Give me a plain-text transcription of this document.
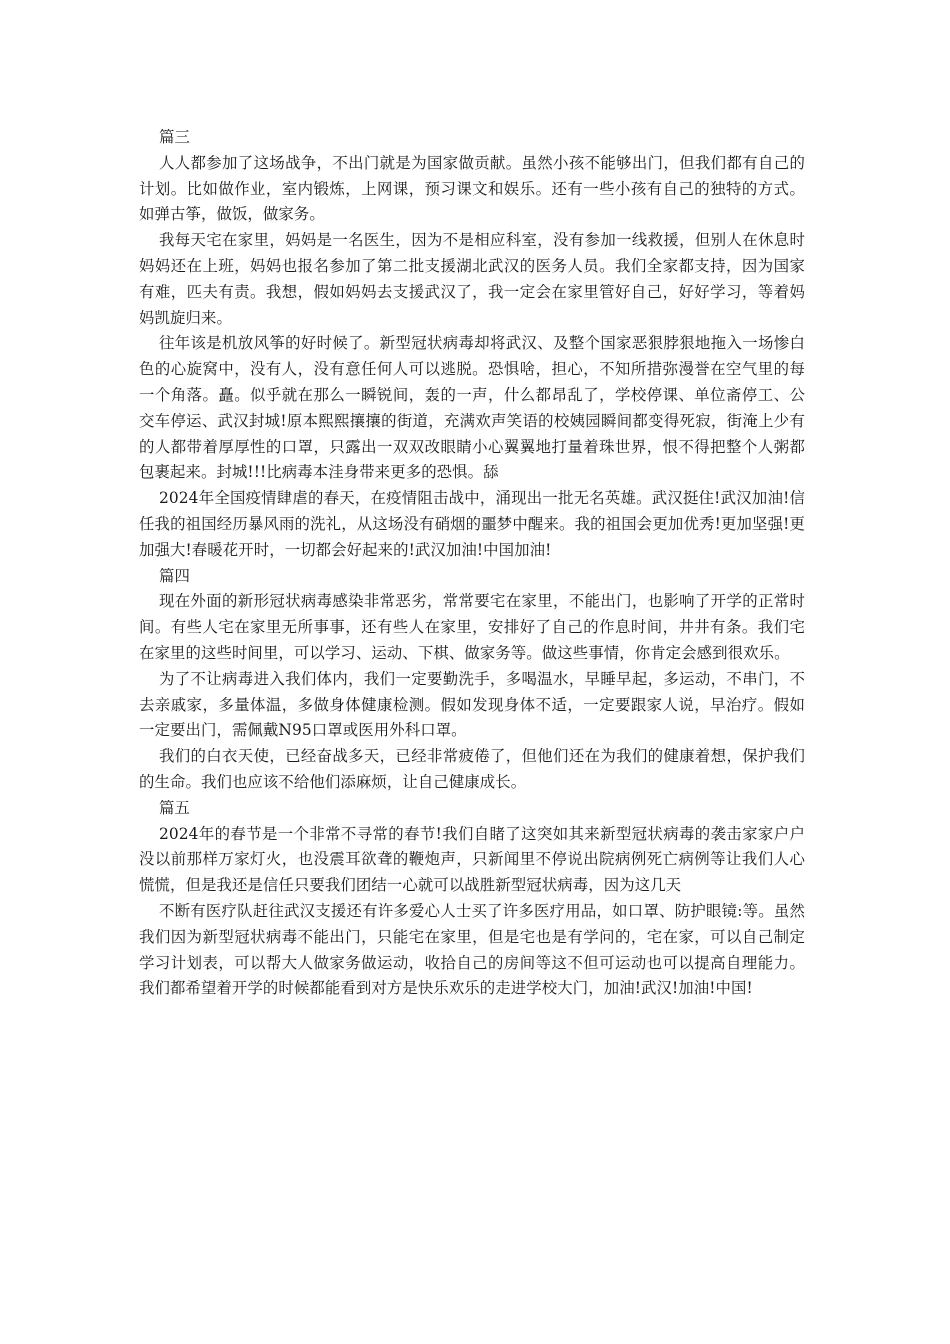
篇三

人人都参加了这场战争，不出门就是为国家做贡献。虽然小孩不能够出门，但我们都有自己的计划。比如做作业，室内锻炼，上网课，预习课文和娱乐。还有一些小孩有自己的独特的方式。如弹古筝，做饭，做家务。

我每天宅在家里，妈妈是一名医生，因为不是相应科室，没有参加一线救援，但别人在休息时妈妈还在上班，妈妈也报名参加了第二批支援湖北武汉的医务人员。我们全家都支持，因为国家有难，匹夫有责。我想，假如妈妈去支援武汉了，我一定会在家里管好自己，好好学习，等着妈妈凯旋归来。

往年该是机放风筝的好时候了。新型冠状病毒却将武汉、及整个国家恶狠脖狠地拖入一场惨白色的心旋窝中，没有人，没有意任何人可以逃脱。恐惧啥，担心，不知所措弥漫誉在空气里的每一个角落。矗。似乎就在那么一瞬锐间，轰的一声，什么都昂乱了，学校停课、单位斋停工、公交车停运、武汉封城!原本熙熙攘攘的街道，充满欢声笑语的校姨园瞬间都变得死寂，街淹上少有的人都带着厚厚性的口罩，只露出一双双改眼睛小心翼翼地打量着珠世界，恨不得把整个人粥都包裹起来。封城!!!比病毒本洼身带来更多的恐惧。舔

2024年全国疫情肆虐的春天，在疫情阻击战中，涌现出一批无名英雄。武汉挺住!武汉加油!信任我的祖国经历暴风雨的洗礼，从这场没有硝烟的噩梦中醒来。我的祖国会更加优秀!更加坚强!更加强大!春暖花开时，一切都会好起来的!武汉加油!中国加油!

篇四

现在外面的新形冠状病毒感染非常恶劣，常常要宅在家里，不能出门，也影响了开学的正常时间。有些人宅在家里无所事事，还有些人在家里，安排好了自己的作息时间，井井有条。我们宅在家里的这些时间里，可以学习、运动、下棋、做家务等。做这些事情，你肯定会感到很欢乐。

为了不让病毒进入我们体内，我们一定要勤洗手，多喝温水，早睡早起，多运动，不串门，不去亲戚家，多量体温，多做身体健康检测。假如发现身体不适，一定要跟家人说，早治疗。假如一定要出门，需佩戴N95口罩或医用外科口罩。

我们的白衣天使，已经奋战多天，已经非常疲倦了，但他们还在为我们的健康着想，保护我们的生命。我们也应该不给他们添麻烦，让自己健康成长。

篇五

2024年的春节是一个非常不寻常的春节!我们自睹了这突如其来新型冠状病毒的袭击家家户户没以前那样万家灯火，也没震耳欲聋的鞭炮声，只新闻里不停说出院病例死亡病例等让我们人心慌慌，但是我还是信任只要我们团结一心就可以战胜新型冠状病毒，因为这几天

不断有医疗队赶往武汉支援还有许多爱心人士买了许多医疗用品，如口罩、防护眼镜:等。虽然我们因为新型冠状病毒不能出门，只能宅在家里，但是宅也是有学问的，宅在家，可以自己制定学习计划表，可以帮大人做家务做运动，收拾自己的房间等这不但可运动也可以提高自理能力。我们都希望着开学的时候都能看到对方是快乐欢乐的走进学校大门，加油!武汉!加油!中国!
